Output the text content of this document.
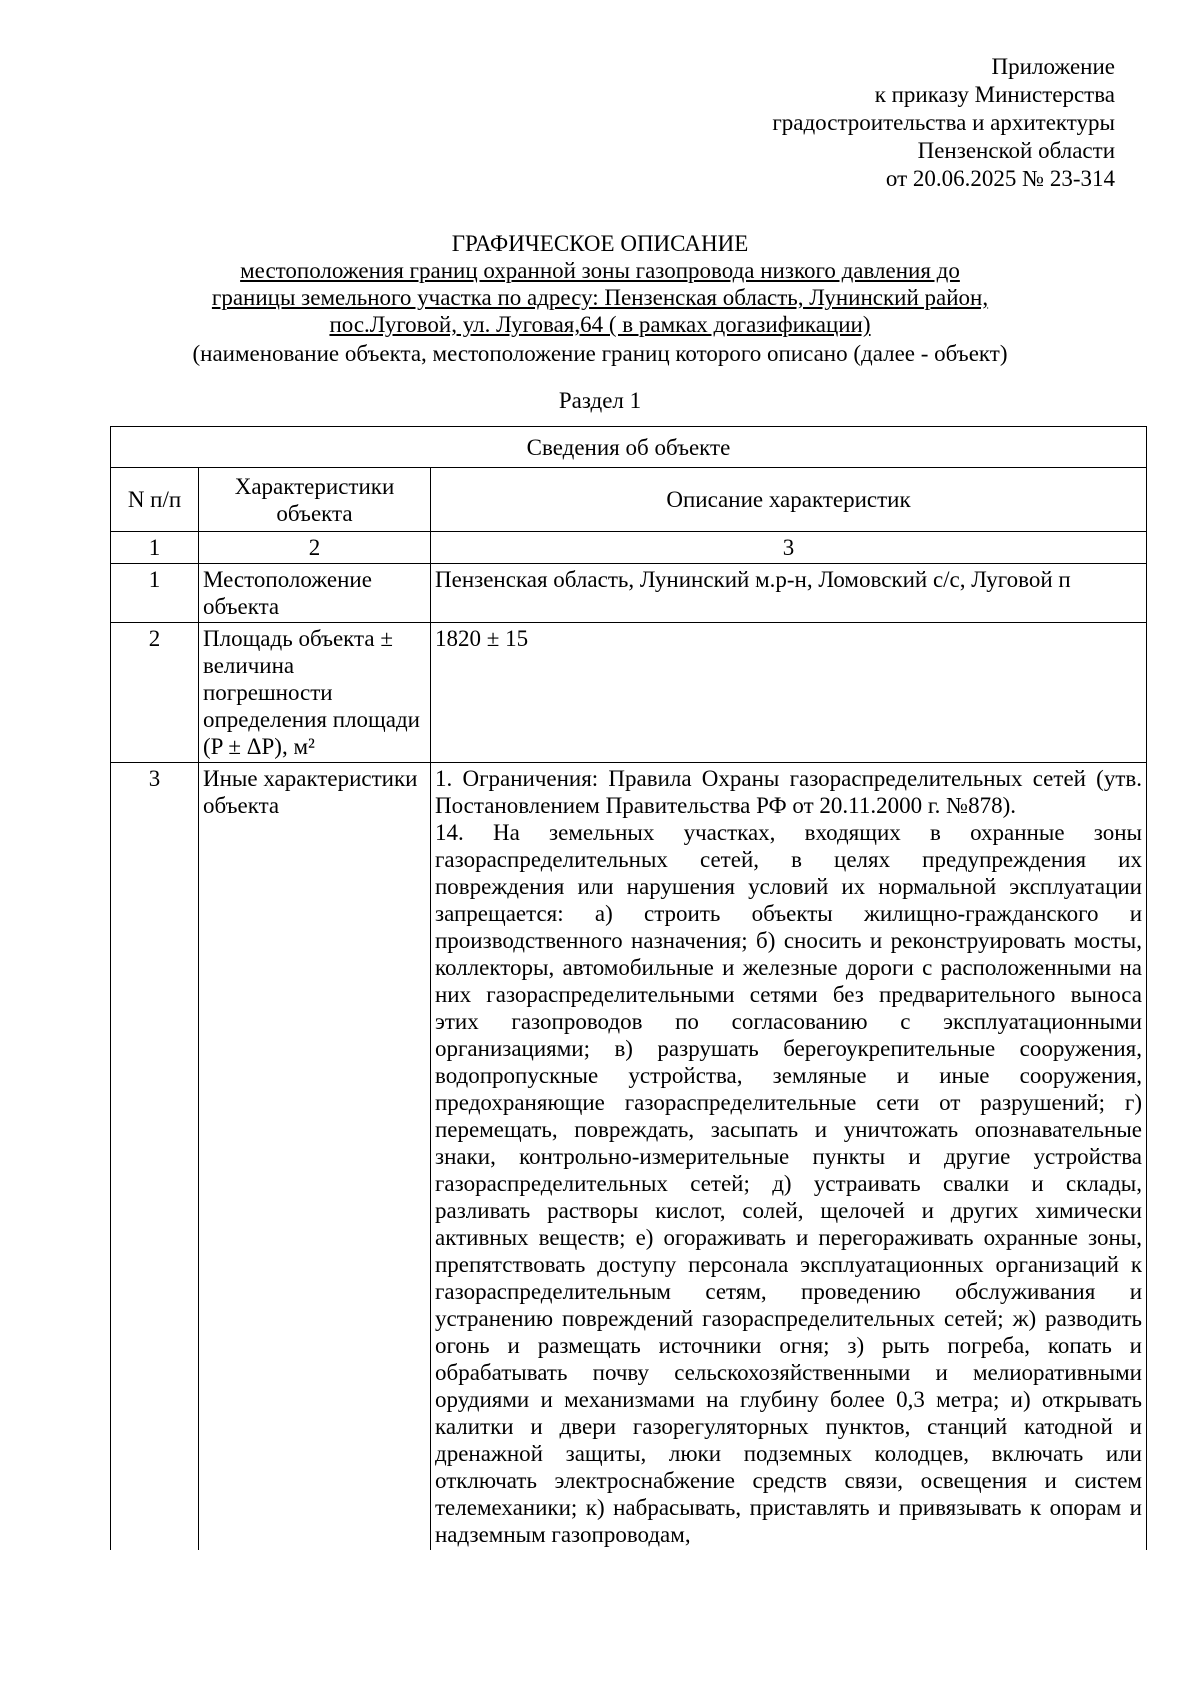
Приложение
к приказу Министерства
градостроительства и архитектуры
Пензенской области
от 20.06.2025 № 23-314
ГРАФИЧЕСКОЕ ОПИСАНИЕ
местоположения границ охранной зоны газопровода низкого давления до
границы земельного участка по адресу: Пензенская область, Лунинский район,
пос.Луговой, ул. Луговая,64 ( в рамках догазификации)
(наименование объекта, местоположение границ которого описано (далее - объект)
Раздел 1
Сведения об объекте		
N п/п	Характеристики объекта	Описание характеристик
1	2	3
1	Местоположение объекта	Пензенская область, Лунинский м.р-н, Ломовский с/с, Луговой п
2	Площадь объекта ± величина погрешности определения площади (P ± ΔP), м²	1820 ± 15
3	Иные характеристики объекта	1. Ограничения: Правила Охраны газораспределительных сетей (утв. Постановлением Правительства РФ от 20.11.2000 г. №878).
14. На земельных участках, входящих в охранные зоны газораспределительных сетей, в целях предупреждения их повреждения или нарушения условий их нормальной эксплуатации запрещается: а) строить объекты жилищно-гражданского и производственного назначения; б) сносить и реконструировать мосты, коллекторы, автомобильные и железные дороги с расположенными на них газораспределительными сетями без предварительного выноса этих газопроводов по согласованию с эксплуатационными организациями; в) разрушать берегоукрепительные сооружения, водопропускные устройства, земляные и иные сооружения, предохраняющие газораспределительные сети от разрушений; г) перемещать, повреждать, засыпать и уничтожать опознавательные знаки, контрольно-измерительные пункты и другие устройства газораспределительных сетей; д) устраивать свалки и склады, разливать растворы кислот, солей, щелочей и других химически активных веществ; е) огораживать и перегораживать охранные зоны, препятствовать доступу персонала эксплуатационных организаций к газораспределительным сетям, проведению обслуживания и устранению повреждений газораспределительных сетей; ж) разводить огонь и размещать источники огня; з) рыть погреба, копать и обрабатывать почву сельскохозяйственными и мелиоративными орудиями и механизмами на глубину более 0,3 метра; и) открывать калитки и двери газорегуляторных пунктов, станций катодной и дренажной защиты, люки подземных колодцев, включать или отключать электроснабжение средств связи, освещения и систем телемеханики; к) набрасывать, приставлять и привязывать к опорам и надземным газопроводам,
